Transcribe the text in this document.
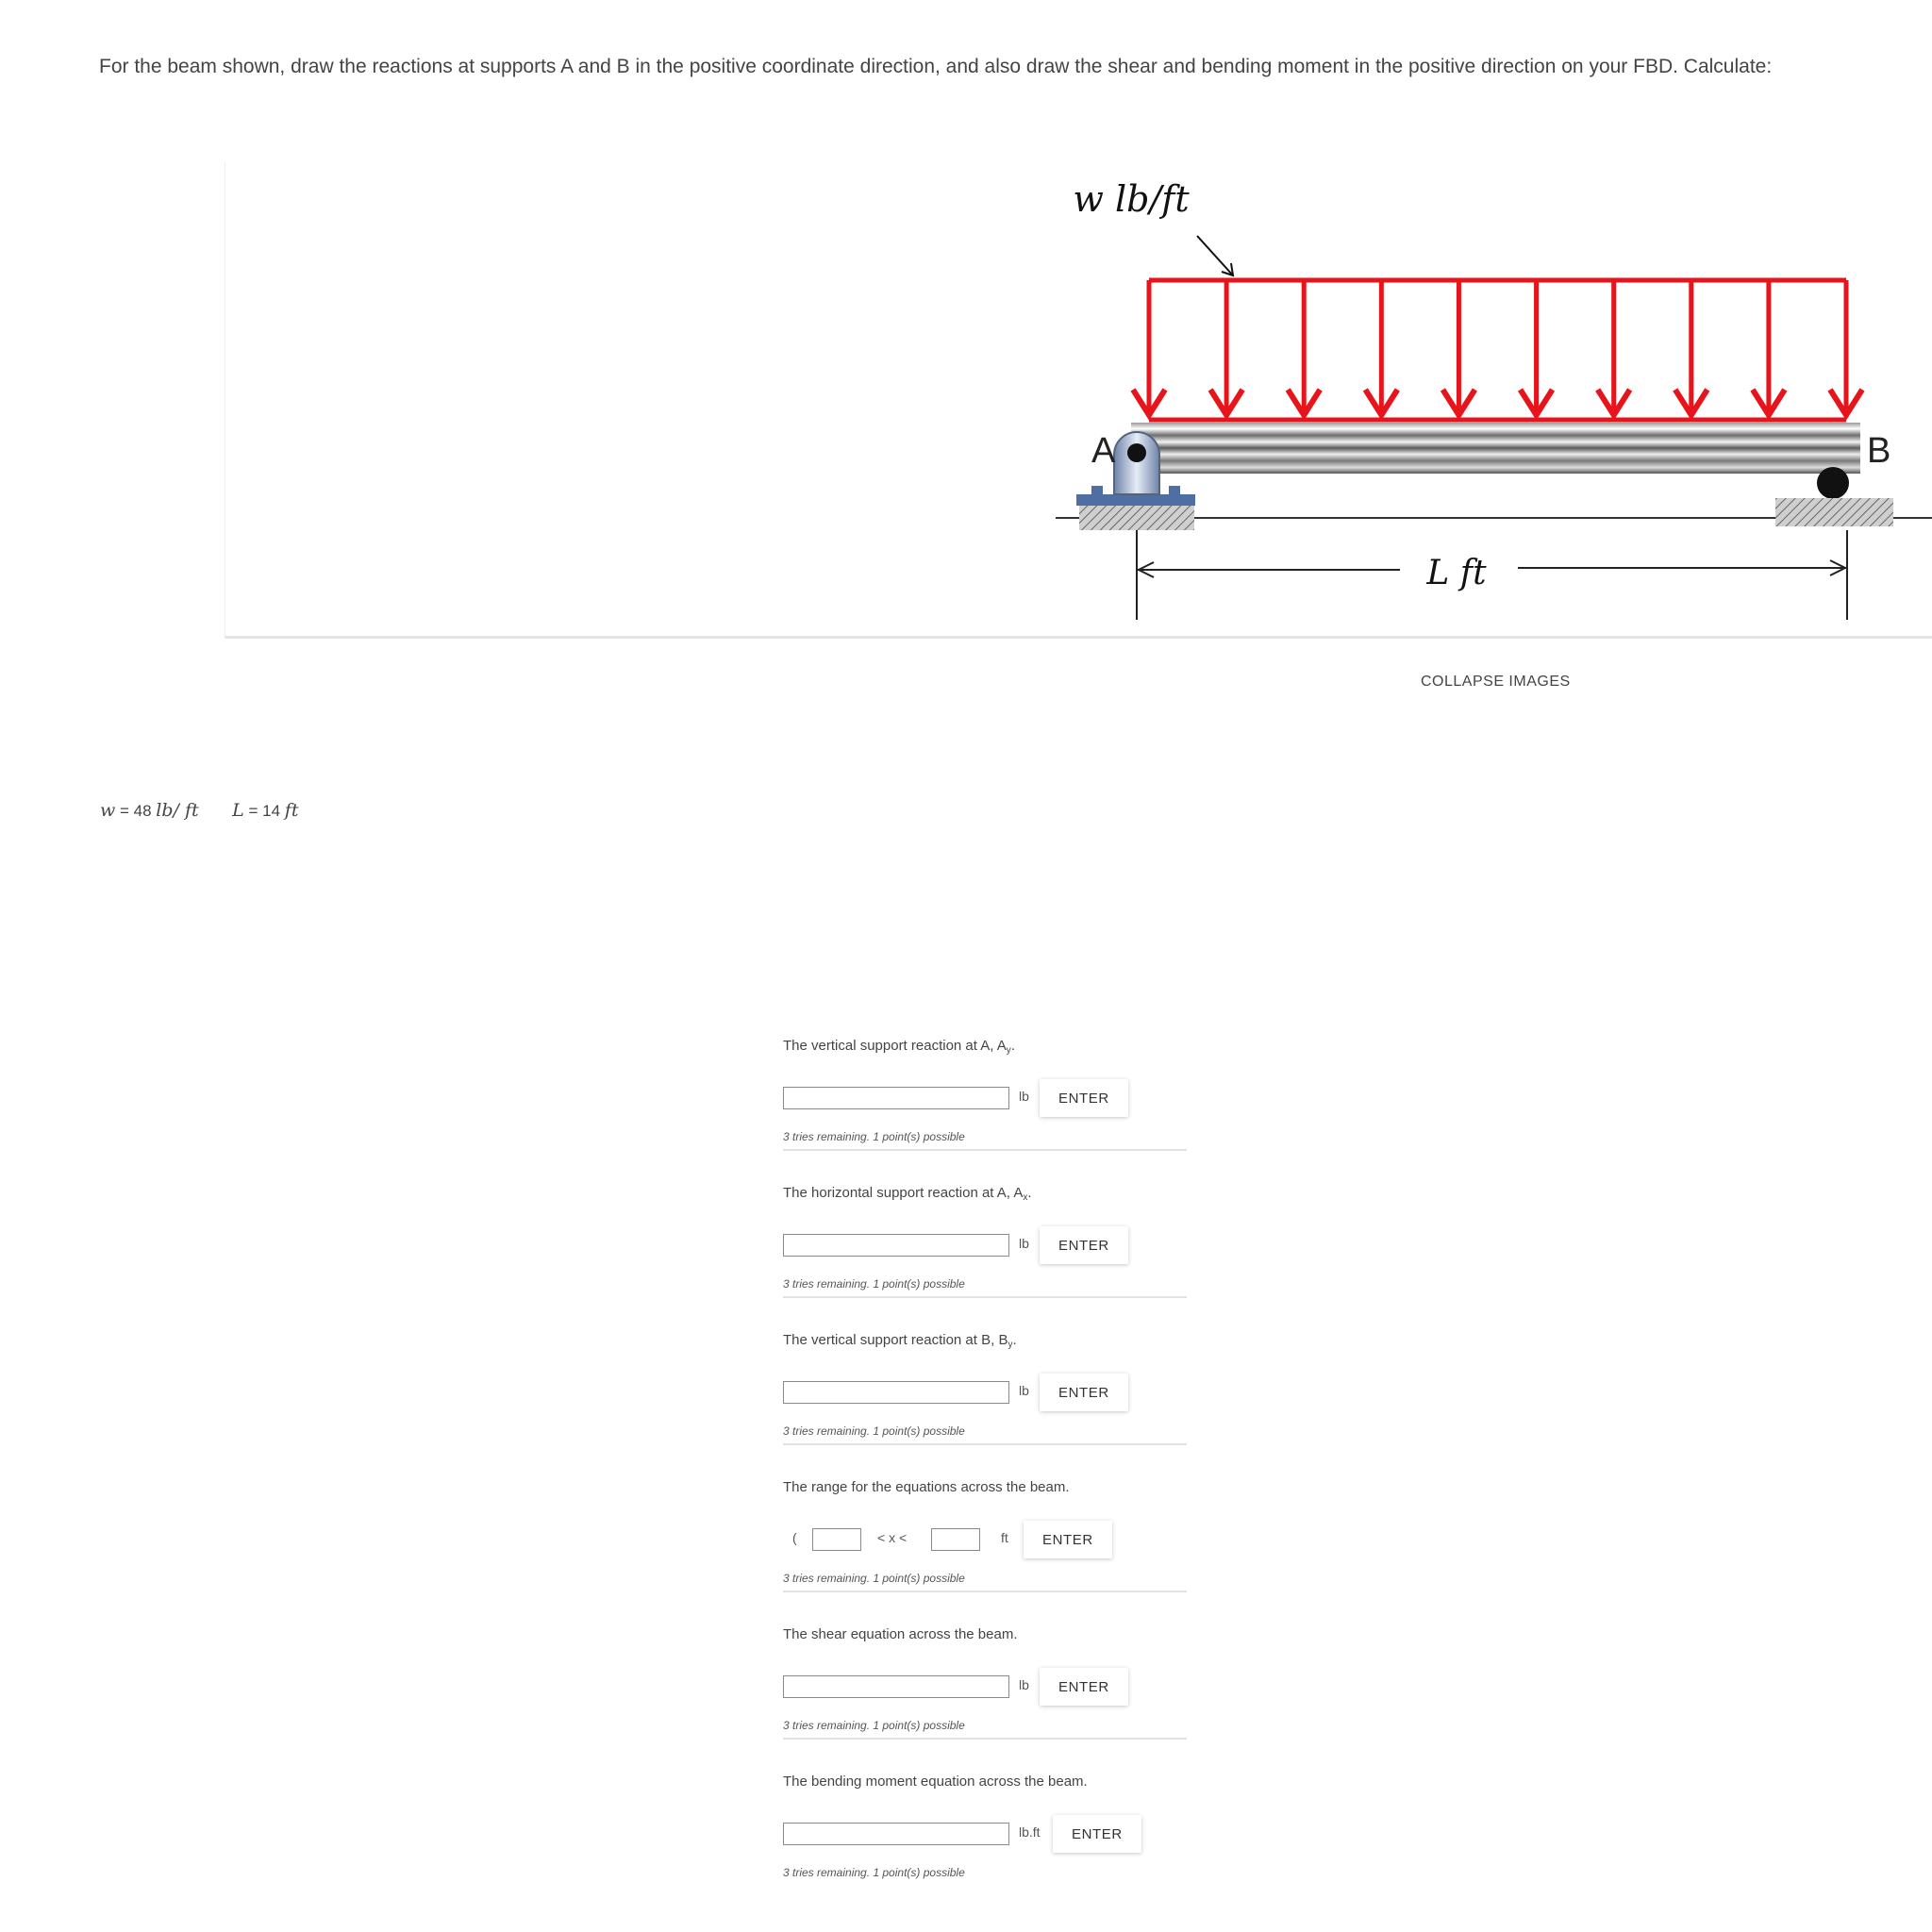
For the beam shown, draw the reactions at supports A and B in the positive coordinate direction, and also draw the shear and bending moment in the positive direction on your FBD. Calculate:
w lb/ft
A	B
L ft
COLLAPSE IMAGES
w = 48 lb/ ft L = 14 ft
The vertical support reaction at A, $A_y$.
lb	ENTER
3 tries remaining. 1 point(s) possible
The horizontal support reaction at A, $A_x$.
lb	ENTER
3 tries remaining. 1 point(s) possible
The vertical support reaction at B, $B_y$.
lb	ENTER
3 tries remaining. 1 point(s) possible
The range for the equations across the beam.
(	< x <	ft	ENTER
3 tries remaining. 1 point(s) possible
The shear equation across the beam.
lb	ENTER
3 tries remaining. 1 point(s) possible
The bending moment equation across the beam.
lb.ft	ENTER
3 tries remaining. 1 point(s) possible
